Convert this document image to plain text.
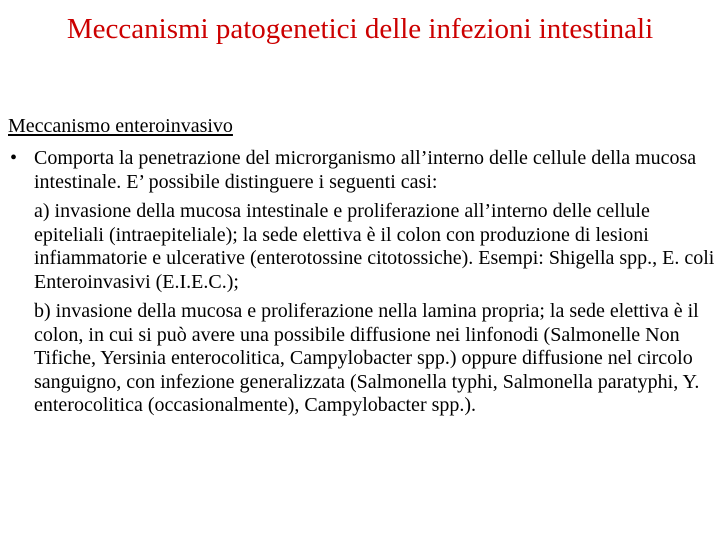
Meccanismi patogenetici delle infezioni intestinali
Meccanismo enteroinvasivo
• Comporta la penetrazione del microrganismo all’interno delle cellule della mucosa intestinale. E’ possibile distinguere i seguenti casi:

a) invasione della mucosa intestinale e proliferazione all’interno delle cellule epiteliali (intraepiteliale); la sede elettiva è il colon con produzione di lesioni infiammatorie e ulcerative (enterotossine citotossiche). Esempi: Shigella spp., E. coli Enteroinvasivi (E.I.E.C.);

b) invasione della mucosa e proliferazione nella lamina propria; la sede elettiva è il colon, in cui si può avere una possibile diffusione nei linfonodi (Salmonelle Non Tifiche, Yersinia enterocolitica, Campylobacter spp.) oppure diffusione nel circolo sanguigno, con infezione generalizzata (Salmonella typhi, Salmonella paratyphi, Y. enterocolitica (occasionalmente), Campylobacter spp.).
